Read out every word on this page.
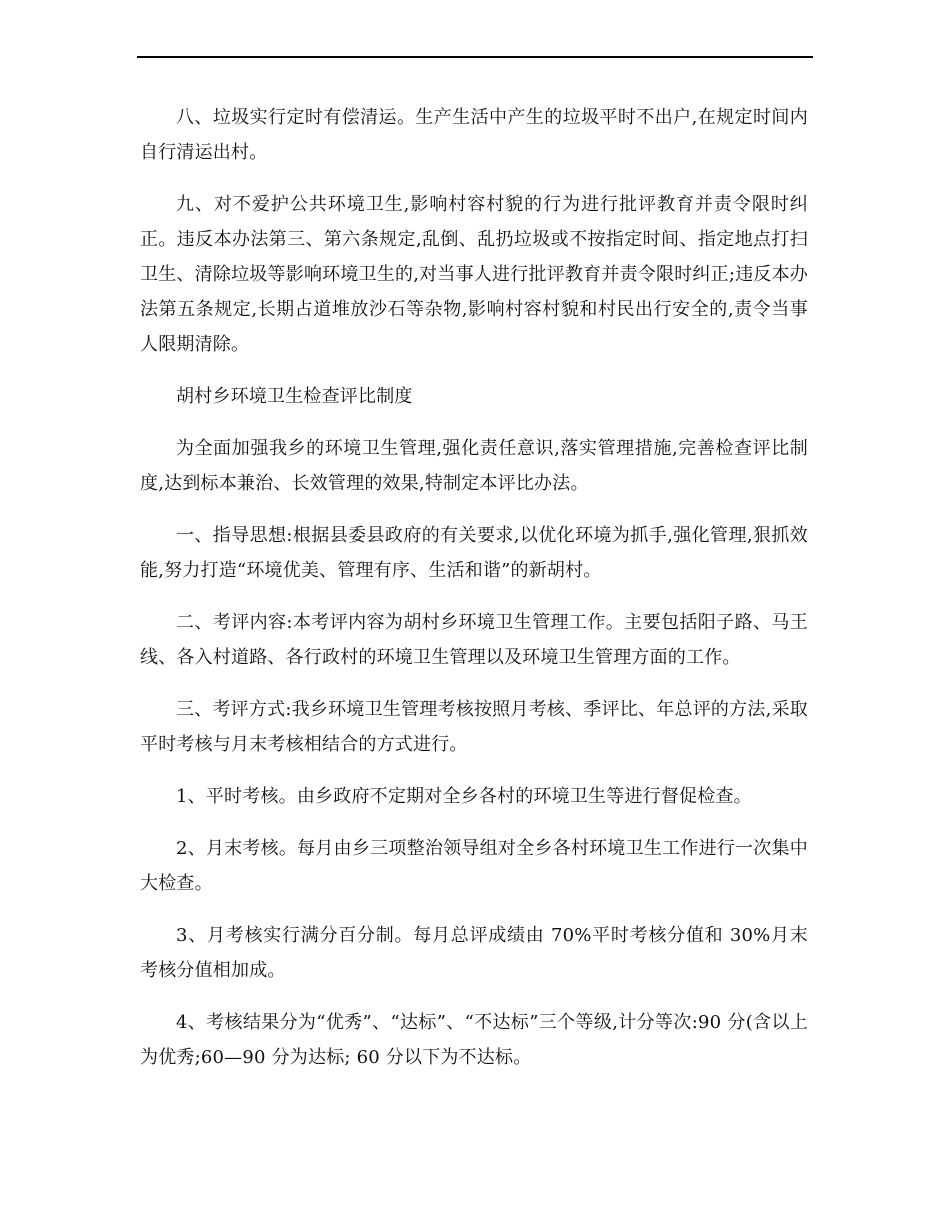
八、垃圾实行定时有偿清运。生产生活中产生的垃圾平时不出户,在规定时间内自行清运出村。

九、对不爱护公共环境卫生,影响村容村貌的行为进行批评教育并责令限时纠正。违反本办法第三、第六条规定,乱倒、乱扔垃圾或不按指定时间、指定地点打扫卫生、清除垃圾等影响环境卫生的,对当事人进行批评教育并责令限时纠正;违反本办法第五条规定,长期占道堆放沙石等杂物,影响村容村貌和村民出行安全的,责令当事人限期清除。

胡村乡环境卫生检查评比制度

为全面加强我乡的环境卫生管理,强化责任意识,落实管理措施,完善检查评比制度,达到标本兼治、长效管理的效果,特制定本评比办法。

一、指导思想:根据县委县政府的有关要求,以优化环境为抓手,强化管理,狠抓效能,努力打造“环境优美、管理有序、生活和谐”的新胡村。

二、考评内容:本考评内容为胡村乡环境卫生管理工作。主要包括阳子路、马王线、各入村道路、各行政村的环境卫生管理以及环境卫生管理方面的工作。

三、考评方式:我乡环境卫生管理考核按照月考核、季评比、年总评的方法,采取平时考核与月末考核相结合的方式进行。

1、平时考核。由乡政府不定期对全乡各村的环境卫生等进行督促检查。

2、月末考核。每月由乡三项整治领导组对全乡各村环境卫生工作进行一次集中大检查。

3、月考核实行满分百分制。每月总评成绩由 70%平时考核分值和 30%月末考核分值相加成。

4、考核结果分为“优秀”、“达标”、“不达标”三个等级,计分等次:90 分(含以上为优秀;60—90 分为达标; 60 分以下为不达标。
